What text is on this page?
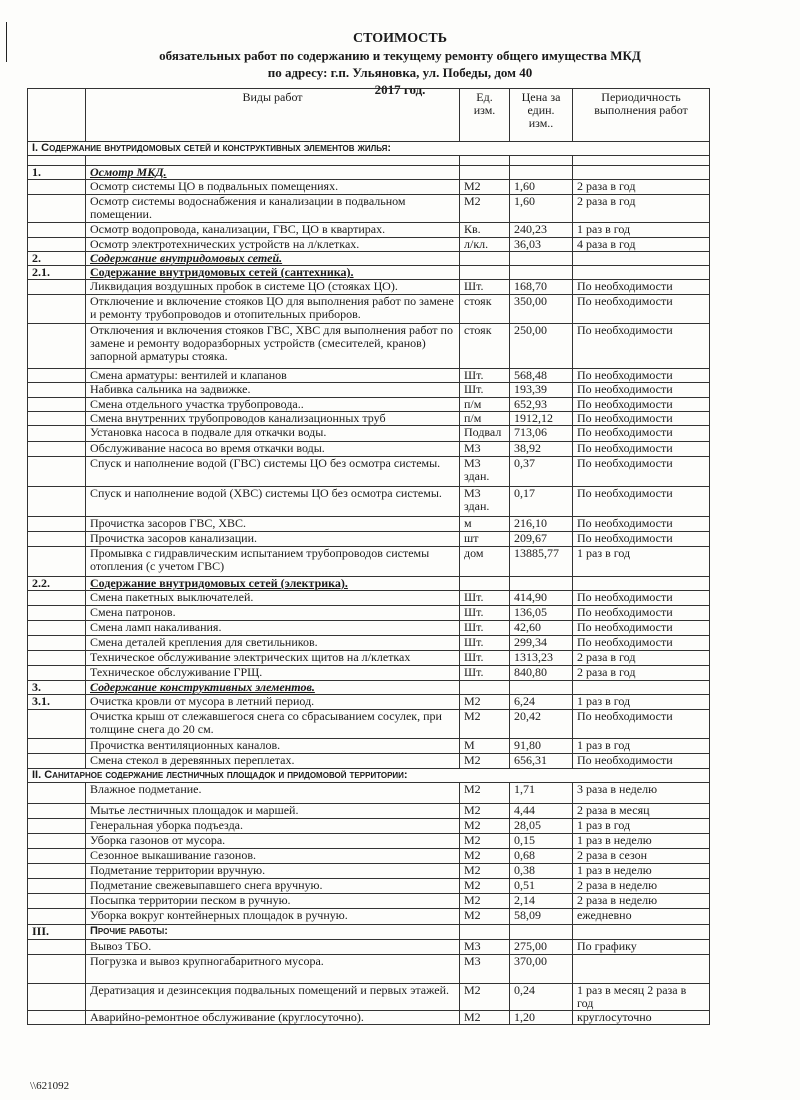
СТОИМОСТЬ
обязательных работ по содержанию и текущему ремонту общего имущества МКД
по адресу: г.п. Ульяновка, ул. Победы, дом 40
2017 год.
	Виды работ	Ед. изм.	Цена за един. изм..	Периодичность выполнения работ
I. Содержание внутридомовых сетей и конструктивных элементов жилья:				

1.	Осмотр МКД.			
	Осмотр системы ЦО в подвальных помещениях.	М2	1,60	2 раза в год
	Осмотр системы водоснабжения и канализации в подвальном помещении.	М2	1,60	2 раза в год
	Осмотр водопровода, канализации, ГВС, ЦО в квартирах.	Кв.	240,23	1 раз в год
	Осмотр электротехнических устройств на л/клетках.	л/кл.	36,03	4 раза в год
2.	Содержание внутридомовых сетей.			
2.1.	Содержание внутридомовых сетей (сантехника).			
	Ликвидация воздушных пробок в системе ЦО (стояках ЦО).	Шт.	168,70	По необходимости
	Отключение и включение стояков ЦО для выполнения работ по замене и ремонту трубопроводов и отопительных приборов.	стояк	350,00	По необходимости
	Отключения и включения стояков ГВС, ХВС для выполнения работ по замене и ремонту водоразборных устройств (смесителей, кранов) запорной арматуры стояка.	стояк	250,00	По необходимости
	Смена арматуры: вентилей и клапанов	Шт.	568,48	По необходимости
	Набивка сальника на задвижке.	Шт.	193,39	По необходимости
	Смена отдельного участка трубопровода..	п/м	652,93	По необходимости
	Смена внутренних трубопроводов канализационных труб	п/м	1912,12	По необходимости
	Установка насоса в подвале для откачки воды.	Подвал	713,06	По необходимости
	Обслуживание насоса во время откачки воды.	М3	38,92	По необходимости
	Спуск и наполнение водой (ГВС) системы ЦО без осмотра системы.	М3 здан.	0,37	По необходимости
	Спуск и наполнение водой (ХВС) системы ЦО без осмотра системы.	М3 здан.	0,17	По необходимости
	Прочистка засоров ГВС, ХВС.	м	216,10	По необходимости
	Прочистка засоров канализации.	шт	209,67	По необходимости
	Промывка с гидравлическим испытанием трубопроводов системы отопления (с учетом ГВС)	дом	13885,77	1 раз в год
2.2.	Содержание внутридомовых сетей (электрика).			
	Смена пакетных выключателей.	Шт.	414,90	По необходимости
	Смена патронов.	Шт.	136,05	По необходимости
	Смена ламп накаливания.	Шт.	42,60	По необходимости
	Смена деталей крепления для светильников.	Шт.	299,34	По необходимости
	Техническое обслуживание электрических щитов на л/клетках	Шт.	1313,23	2 раза в год
	Техническое обслуживание ГРЩ.	Шт.	840,80	2 раза в год
3.	Содержание конструктивных элементов.			
3.1.	Очистка кровли от мусора в летний период.	М2	6,24	1 раз в год
	Очистка крыш от слежавшегося снега со сбрасыванием сосулек, при толщине снега до 20 см.	М2	20,42	По необходимости
	Прочистка вентиляционных каналов.	М	91,80	1 раз в год
	Смена стекол в деревянных переплетах.	М2	656,31	По необходимости
II. Санитарное содержание лестничных площадок и придомовой территории:				
	Влажное подметание.	М2	1,71	3 раза в неделю
	Мытье лестничных площадок и маршей.	М2	4,44	2 раза в месяц
	Генеральная уборка подъезда.	М2	28,05	1 раз в год
	Уборка газонов от мусора.	М2	0,15	1 раз в неделю
	Сезонное выкашивание газонов.	М2	0,68	2 раза в сезон
	Подметание территории вручную.	М2	0,38	1 раз в неделю
	Подметание свежевыпавшего снега вручную.	М2	0,51	2 раза в неделю
	Посыпка территории песком в ручную.	М2	2,14	2 раза в неделю
	Уборка вокруг контейнерных площадок в ручную.	М2	58,09	ежедневно
III.	Прочие работы:			
	Вывоз ТБО.	М3	275,00	По графику
	Погрузка и вывоз крупногабаритного мусора.	М3	370,00	
	Дератизация и дезинсекция подвальных помещений и первых этажей.	М2	0,24	1 раз в месяц 2 раза в год
	Аварийно-ремонтное обслуживание (круглосуточно).	М2	1,20	круглосуточно
\\621092
